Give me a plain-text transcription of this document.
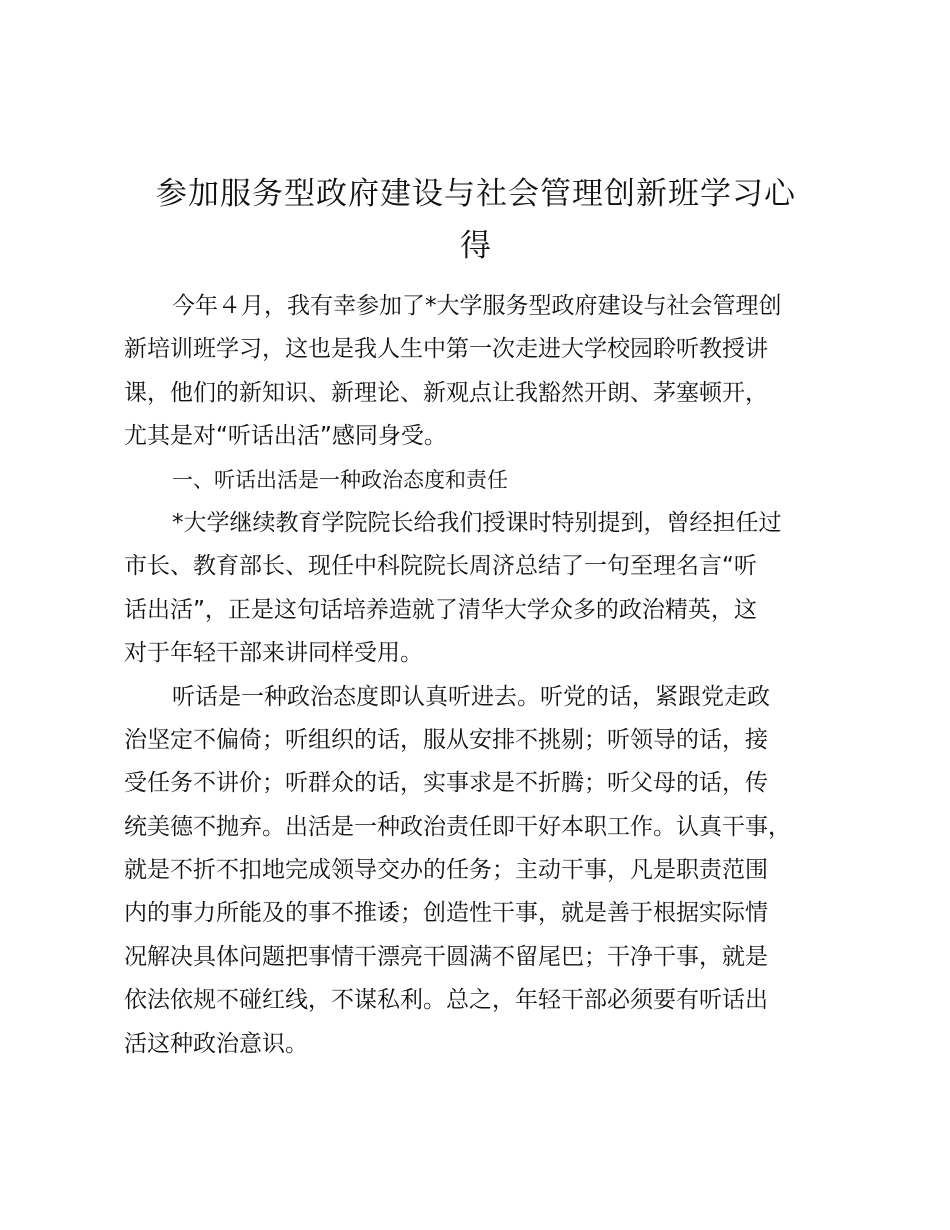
参加服务型政府建设与社会管理创新班学习心
得
今年４月，我有幸参加了*大学服务型政府建设与社会管理创
新培训班学习，这也是我人生中第一次走进大学校园聆听教授讲
课，他们的新知识、新理论、新观点让我豁然开朗、茅塞顿开，
尤其是对“听话出活”感同身受。
一、听话出活是一种政治态度和责任
*大学继续教育学院院长给我们授课时特别提到，曾经担任过
市长、教育部长、现任中科院院长周济总结了一句至理名言“听
话出活”，正是这句话培养造就了清华大学众多的政治精英，这
对于年轻干部来讲同样受用。
听话是一种政治态度即认真听进去。听党的话，紧跟党走政
治坚定不偏倚；听组织的话，服从安排不挑剔；听领导的话，接
受任务不讲价；听群众的话，实事求是不折腾；听父母的话，传
统美德不抛弃。出活是一种政治责任即干好本职工作。认真干事，
就是不折不扣地完成领导交办的任务；主动干事，凡是职责范围
内的事力所能及的事不推诿；创造性干事，就是善于根据实际情
况解决具体问题把事情干漂亮干圆满不留尾巴；干净干事，就是
依法依规不碰红线，不谋私利。总之，年轻干部必须要有听话出
活这种政治意识。
